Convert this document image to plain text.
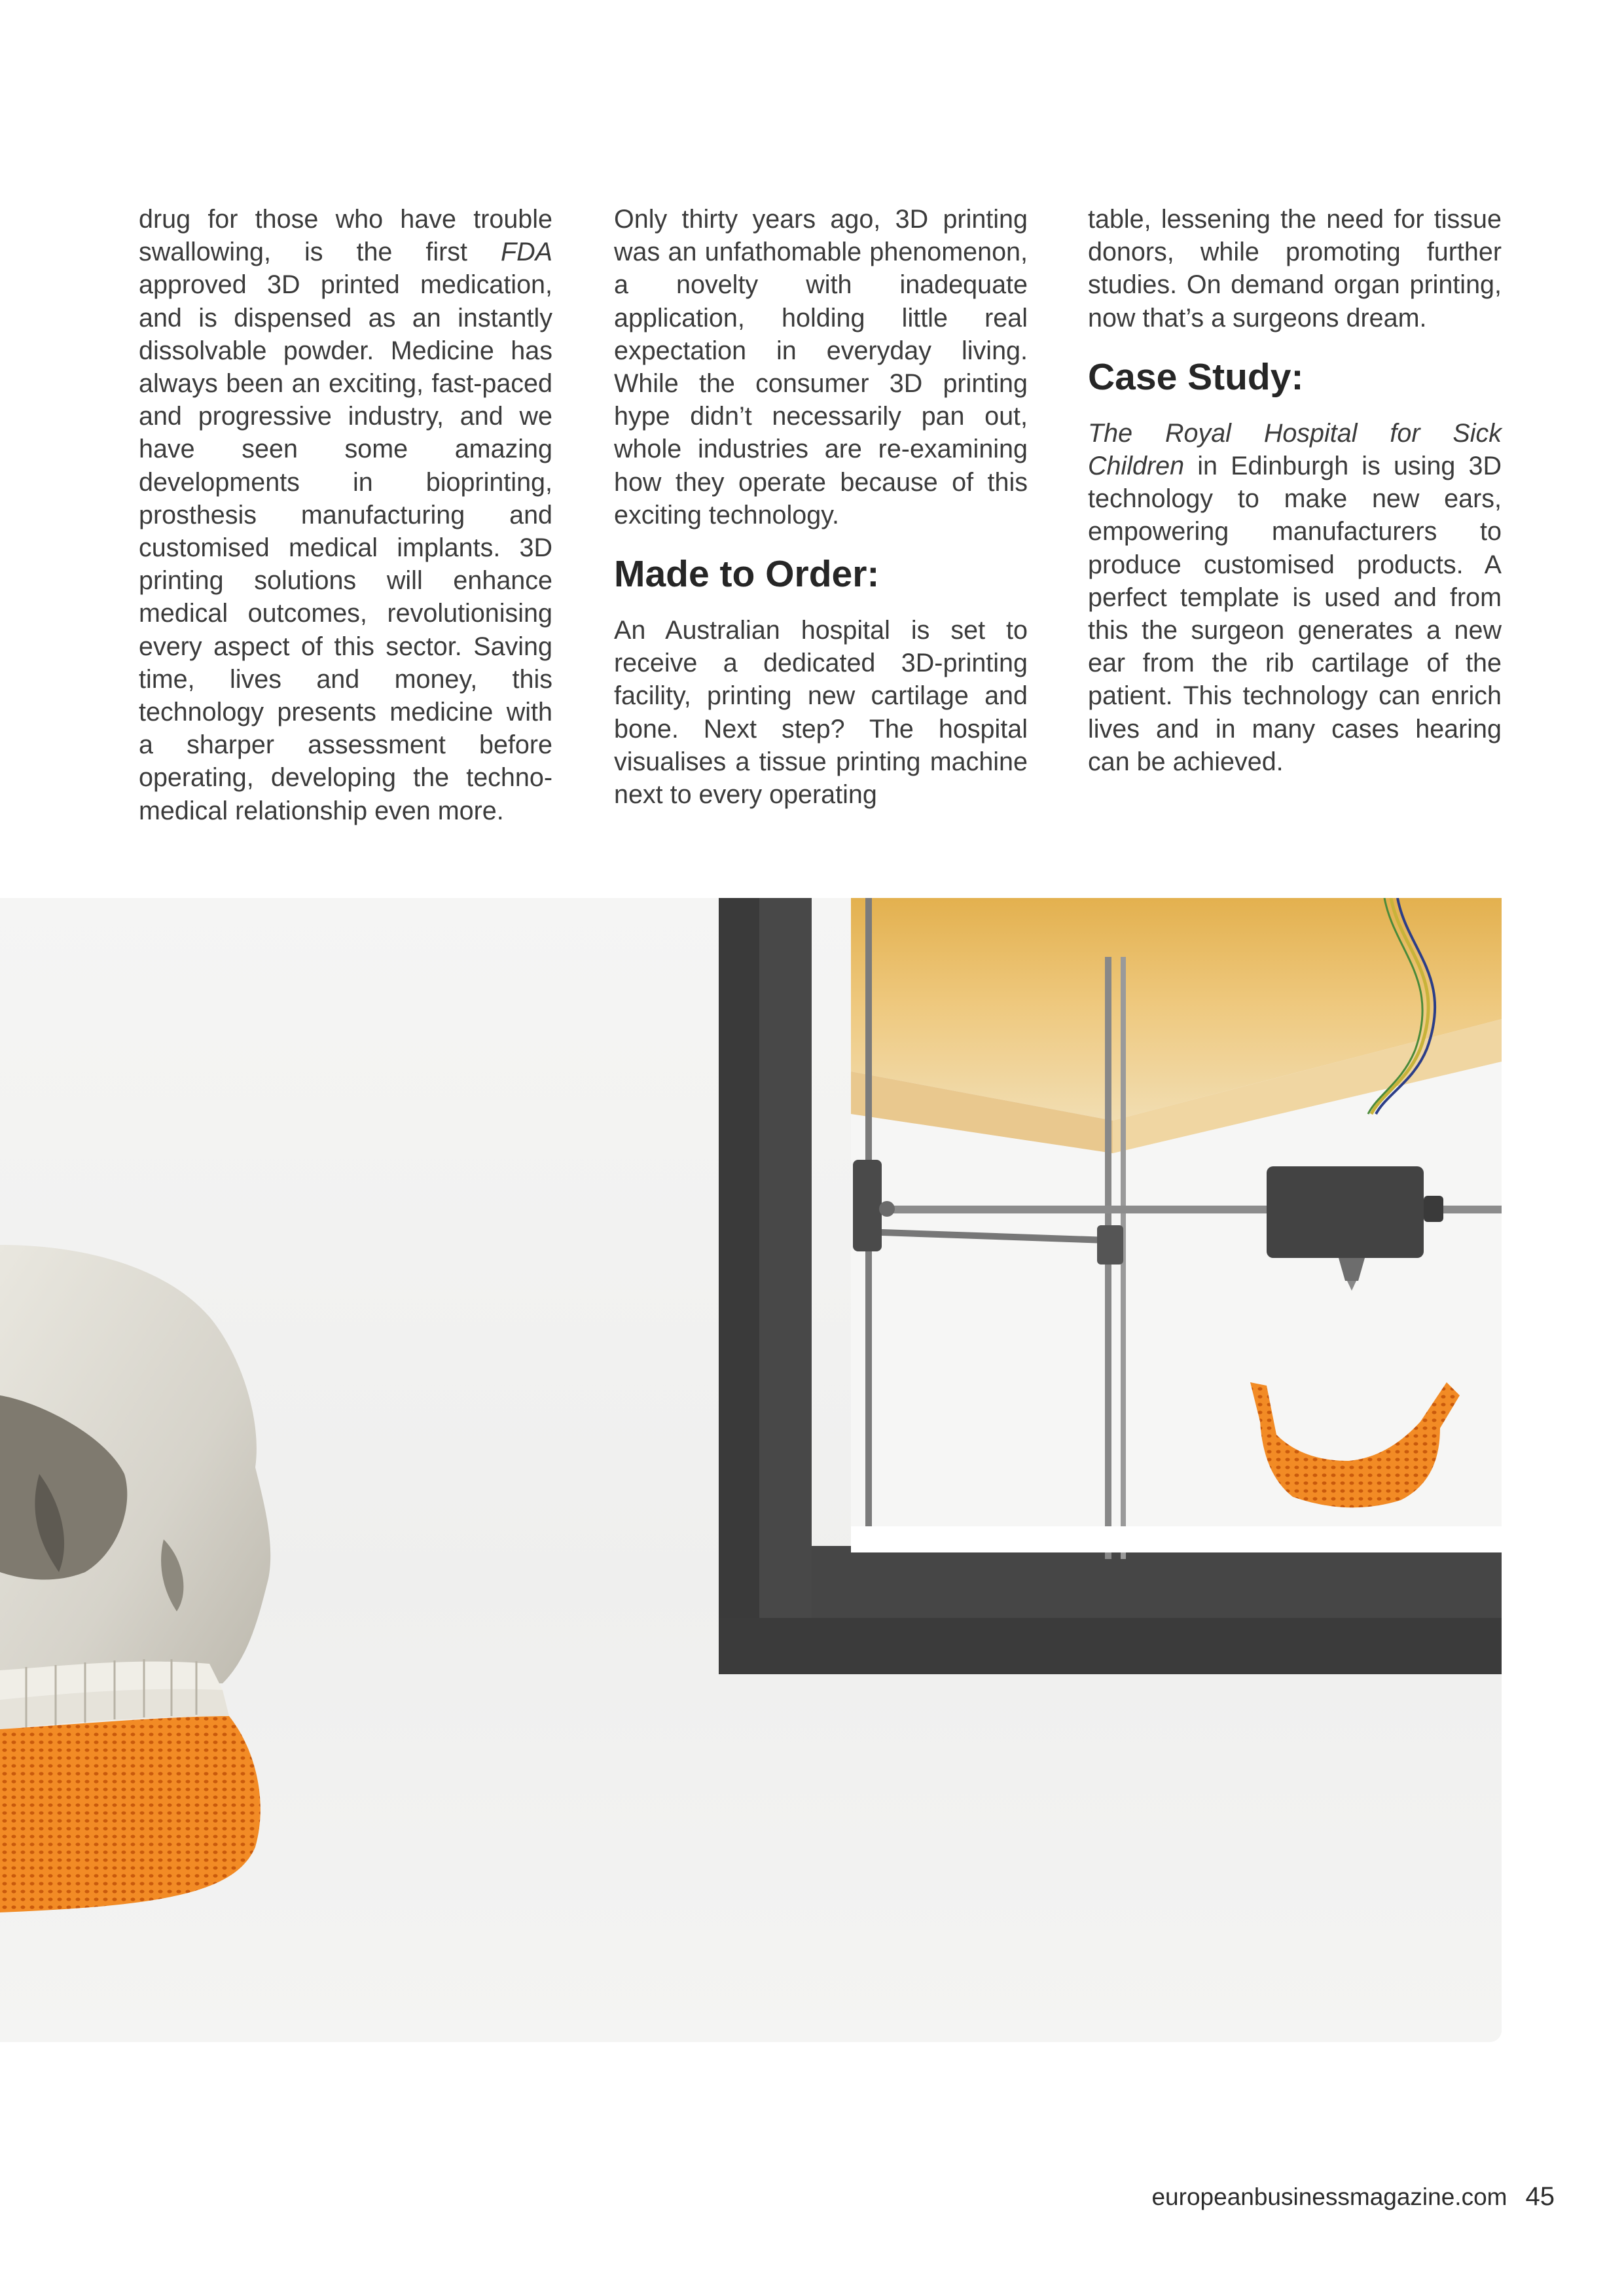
drug for those who have trouble swallowing, is the first FDA approved 3D printed medication, and is dispensed as an instantly dissolvable powder. Medicine has always been an exciting, fast-paced and progressive industry, and we have seen some amazing developments in bioprinting, prosthesis manufacturing and customised medical implants. 3D printing solutions will enhance medical outcomes, revolutionising every aspect of this sector. Saving time, lives and money, this technology presents medicine with a sharper assessment before operating, developing the techno-medical relationship even more.

Only thirty years ago, 3D printing was an unfathomable phenomenon, a novelty with inadequate application, holding little real expectation in everyday living. While the consumer 3D printing hype didn’t necessarily pan out, whole industries are re-examining how they operate because of this exciting technology.

Made to Order:

An Australian hospital is set to receive a dedicated 3D-printing facility, printing new cartilage and bone. Next step? The hospital visualises a tissue printing machine next to every operating

table, lessening the need for tissue donors, while promoting further studies. On demand organ printing, now that’s a surgeons dream.

Case Study:

The Royal Hospital for Sick Children in Edinburgh is using 3D technology to make new ears, empowering manufacturers to produce customised products. A perfect template is used and from this the surgeon generates a new ear from the rib cartilage of the patient. This technology can enrich lives and in many cases hearing can be achieved.

europeanbusinessmagazine.com 45
